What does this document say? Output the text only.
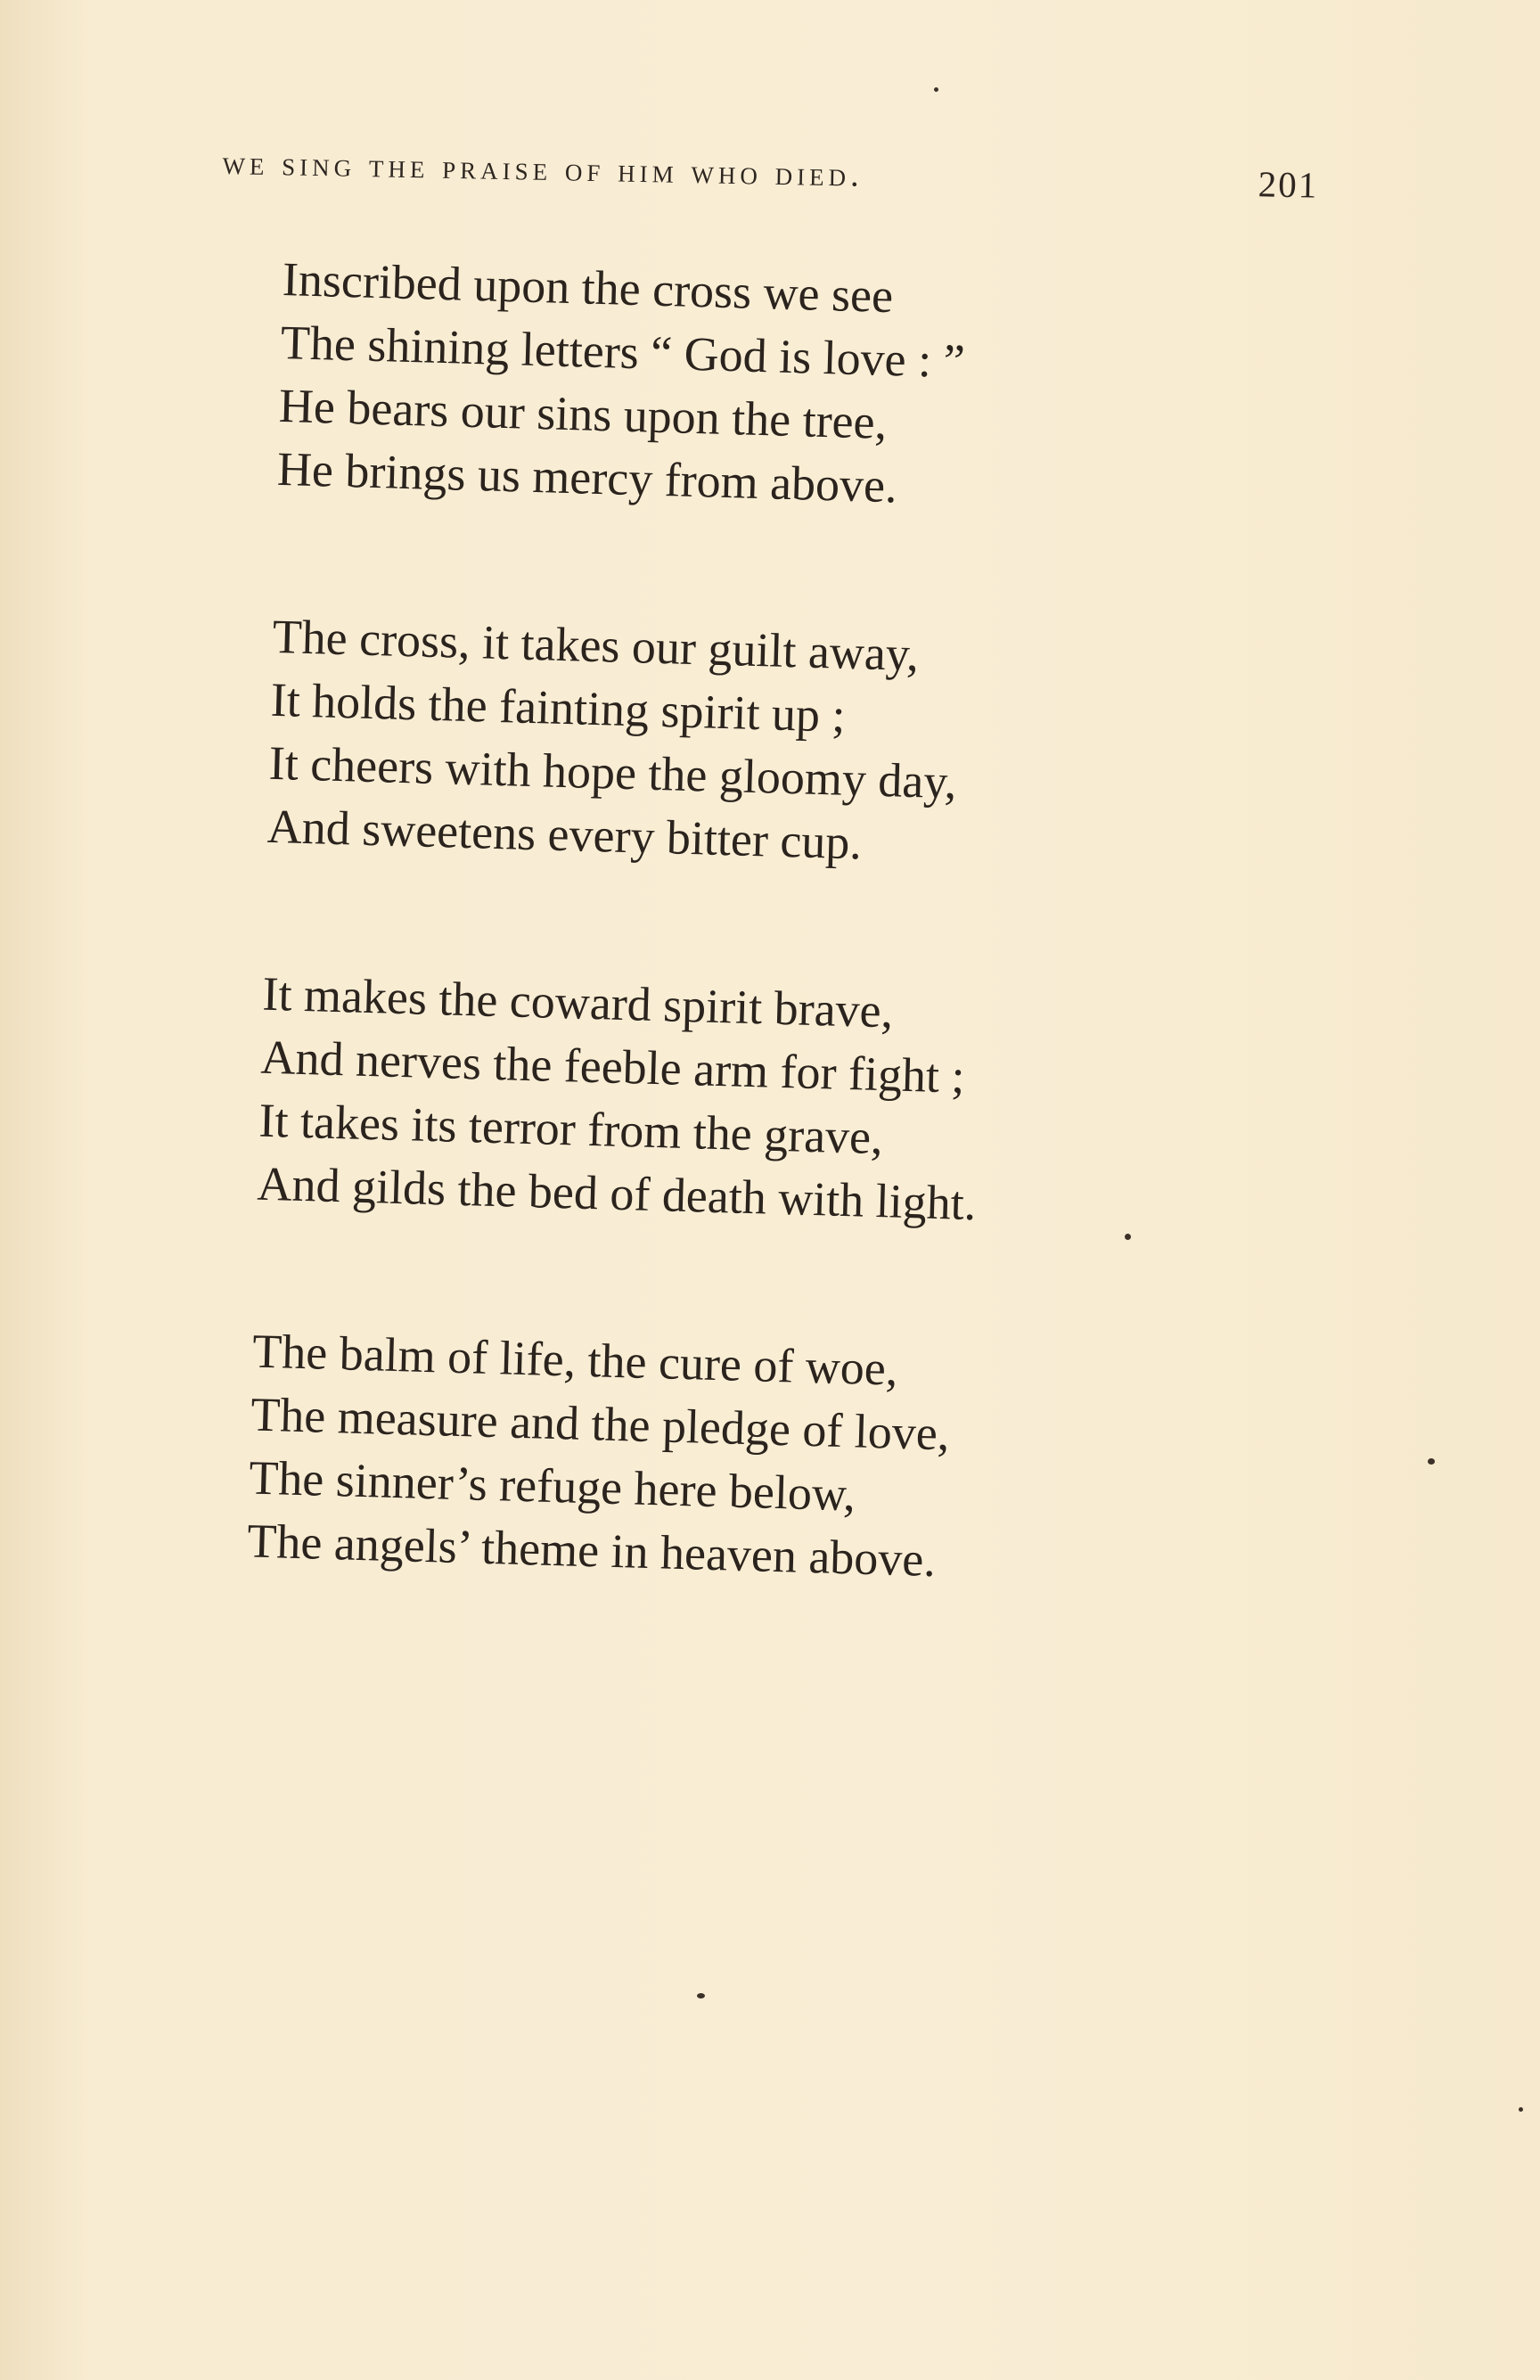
we sing the praise of him who died.	201
Inscribed upon the cross we see
The shining letters “ God is love : ”
He bears our sins upon the tree,
He brings us mercy from above.
The cross, it takes our guilt away,
It holds the fainting spirit up ;
It cheers with hope the gloomy day,
And sweetens every bitter cup.
It makes the coward spirit brave,
And nerves the feeble arm for fight ;
It takes its terror from the grave,
And gilds the bed of death with light.
The balm of life, the cure of woe,
The measure and the pledge of love,
The sinner’s refuge here below,
The angels’ theme in heaven above.
